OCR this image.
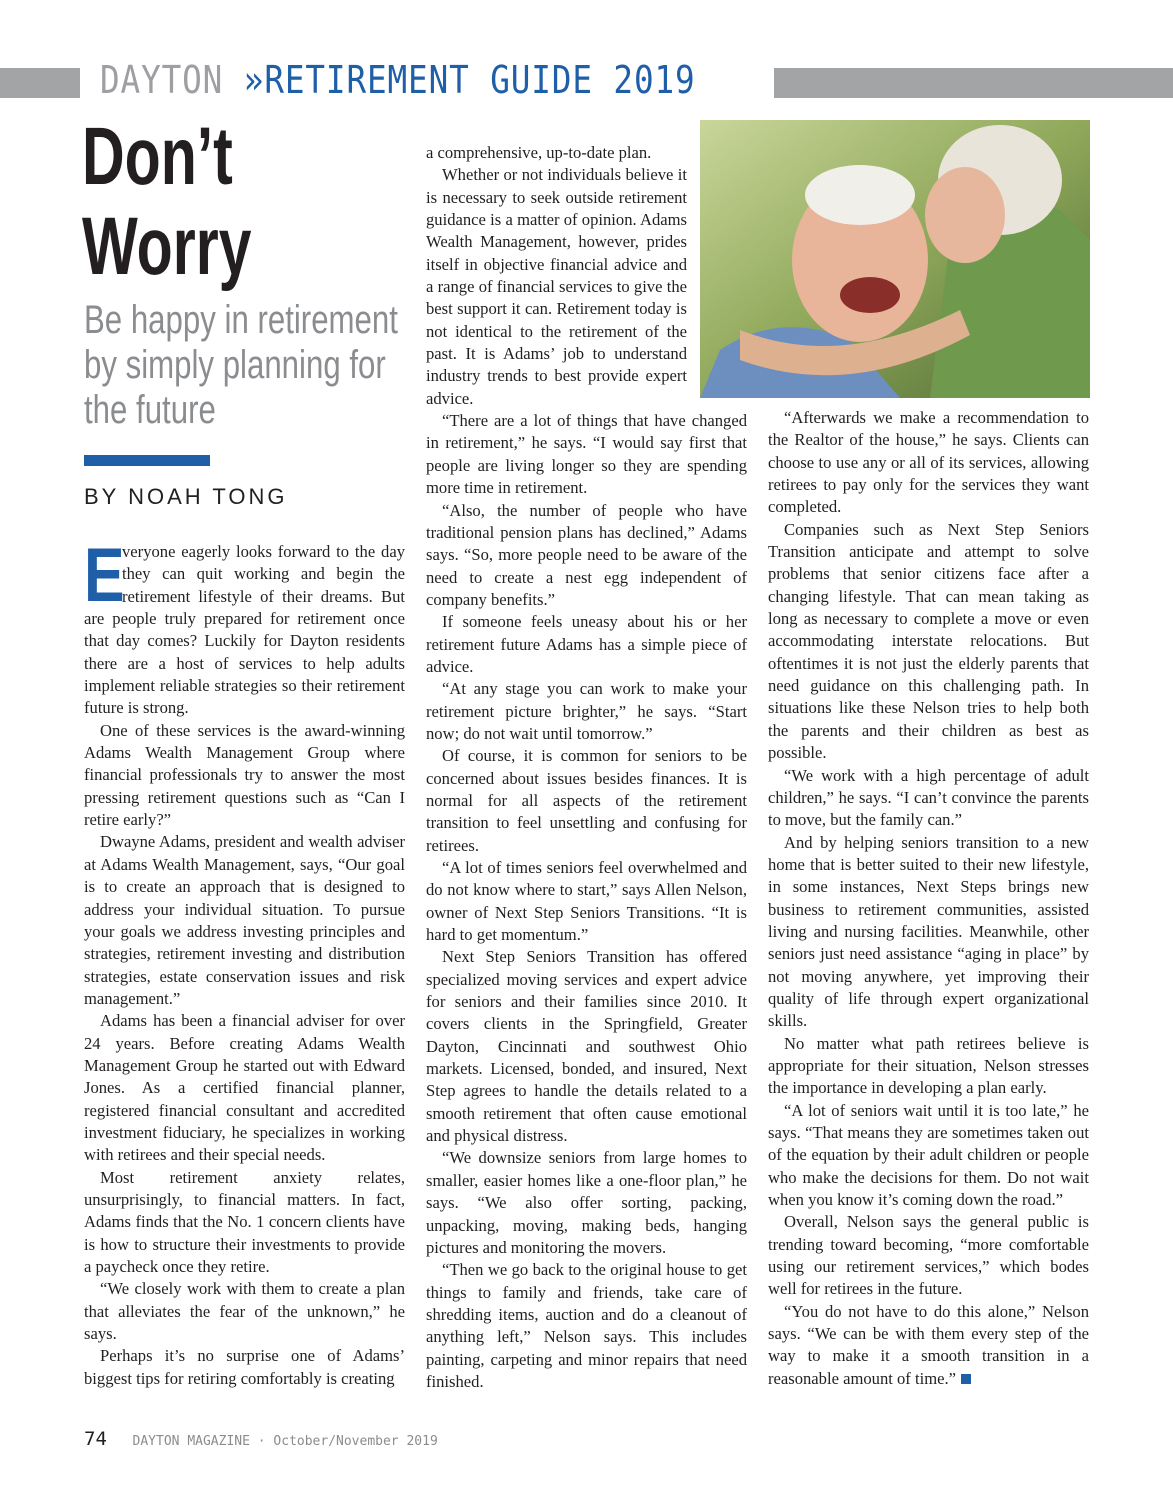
DAYTON »RETIREMENT GUIDE 2019
Don’t
Worry
Be happy in retirement by simply planning for the future
BY NOAH TONG

E
veryone eagerly looks forward to the day they can quit working and begin the retirement lifestyle of their dreams. But are people truly prepared for retirement once that day comes? Luckily for Dayton residents there are a host of services to help adults implement reliable strategies so their retirement future is strong.

One of these services is the award-winning Adams Wealth Management Group where financial professionals try to answer the most pressing retirement questions such as “Can I retire early?”

Dwayne Adams, president and wealth adviser at Adams Wealth Management, says, “Our goal is to create an approach that is designed to address your individual situation. To pursue your goals we address investing principles and strategies, retirement investing and distribution strategies, estate conservation issues and risk management.”

Adams has been a financial adviser for over 24 years. Before creating Adams Wealth Management Group he started out with Edward Jones. As a certified financial planner, registered financial consultant and accredited investment fiduciary, he specializes in working with retirees and their special needs.

Most retirement anxiety relates, unsurprisingly, to financial matters. In fact, Adams finds that the No. 1 concern clients have is how to structure their investments to provide a paycheck once they retire.

“We closely work with them to create a plan that alleviates the fear of the unknown,” he says.

Perhaps it’s no surprise one of Adams’ biggest tips for retiring comfortably is creating

a comprehensive, up-to-date plan.

Whether or not individuals believe it is necessary to seek outside retirement guidance is a matter of opinion. Adams Wealth Management, however, prides itself in objective financial advice and a range of financial services to give the best support it can. Retirement today is not identical to the retirement of the past. It is Adams’ job to understand industry trends to best provide expert advice.

“There are a lot of things that have changed in retirement,” he says. “I would say first that people are living longer so they are spending more time in retirement.

“Also, the number of people who have traditional pension plans has declined,” Adams says. “So, more people need to be aware of the need to create a nest egg independent of company benefits.”

If someone feels uneasy about his or her retirement future Adams has a simple piece of advice.

“At any stage you can work to make your retirement picture brighter,” he says. “Start now; do not wait until tomorrow.”

Of course, it is common for seniors to be concerned about issues besides finances. It is normal for all aspects of the retirement transition to feel unsettling and confusing for retirees.

“A lot of times seniors feel overwhelmed and do not know where to start,” says Allen Nelson, owner of Next Step Seniors Transitions. “It is hard to get momentum.”

Next Step Seniors Transition has offered specialized moving services and expert advice for seniors and their families since 2010. It covers clients in the Springfield, Greater Dayton, Cincinnati and southwest Ohio markets. Licensed, bonded, and insured, Next Step agrees to handle the details related to a smooth retirement that often cause emotional and physical distress.

“We downsize seniors from large homes to smaller, easier homes like a one-floor plan,” he says. “We also offer sorting, packing, unpacking, moving, making beds, hanging pictures and monitoring the movers.

“Then we go back to the original house to get things to family and friends, take care of shredding items, auction and do a cleanout of anything left,” Nelson says. This includes painting, carpeting and minor repairs that need finished.

“Afterwards we make a recommendation to the Realtor of the house,” he says. Clients can choose to use any or all of its services, allowing retirees to pay only for the services they want completed.

Companies such as Next Step Seniors Transition anticipate and attempt to solve problems that senior citizens face after a changing lifestyle. That can mean taking as long as necessary to complete a move or even accommodating interstate relocations. But oftentimes it is not just the elderly parents that need guidance on this challenging path. In situations like these Nelson tries to help both the parents and their children as best as possible.

“We work with a high percentage of adult children,” he says. “I can’t convince the parents to move, but the family can.”

And by helping seniors transition to a new home that is better suited to their new lifestyle, in some instances, Next Steps brings new business to retirement communities, assisted living and nursing facilities. Meanwhile, other seniors just need assistance “aging in place” by not moving anywhere, yet improving their quality of life through expert organizational skills.

No matter what path retirees believe is appropriate for their situation, Nelson stresses the importance in developing a plan early.

“A lot of seniors wait until it is too late,” he says. “That means they are sometimes taken out of the equation by their adult children or people who make the decisions for them. Do not wait when you know it’s coming down the road.”

Overall, Nelson says the general public is trending toward becoming, “more comfortable using our retirement services,” which bodes well for retirees in the future.

“You do not have to do this alone,” Nelson says. “We can be with them every step of the way to make it a smooth transition in a reasonable amount of time.”

74 DAYTON MAGAZINE · October/November 2019
